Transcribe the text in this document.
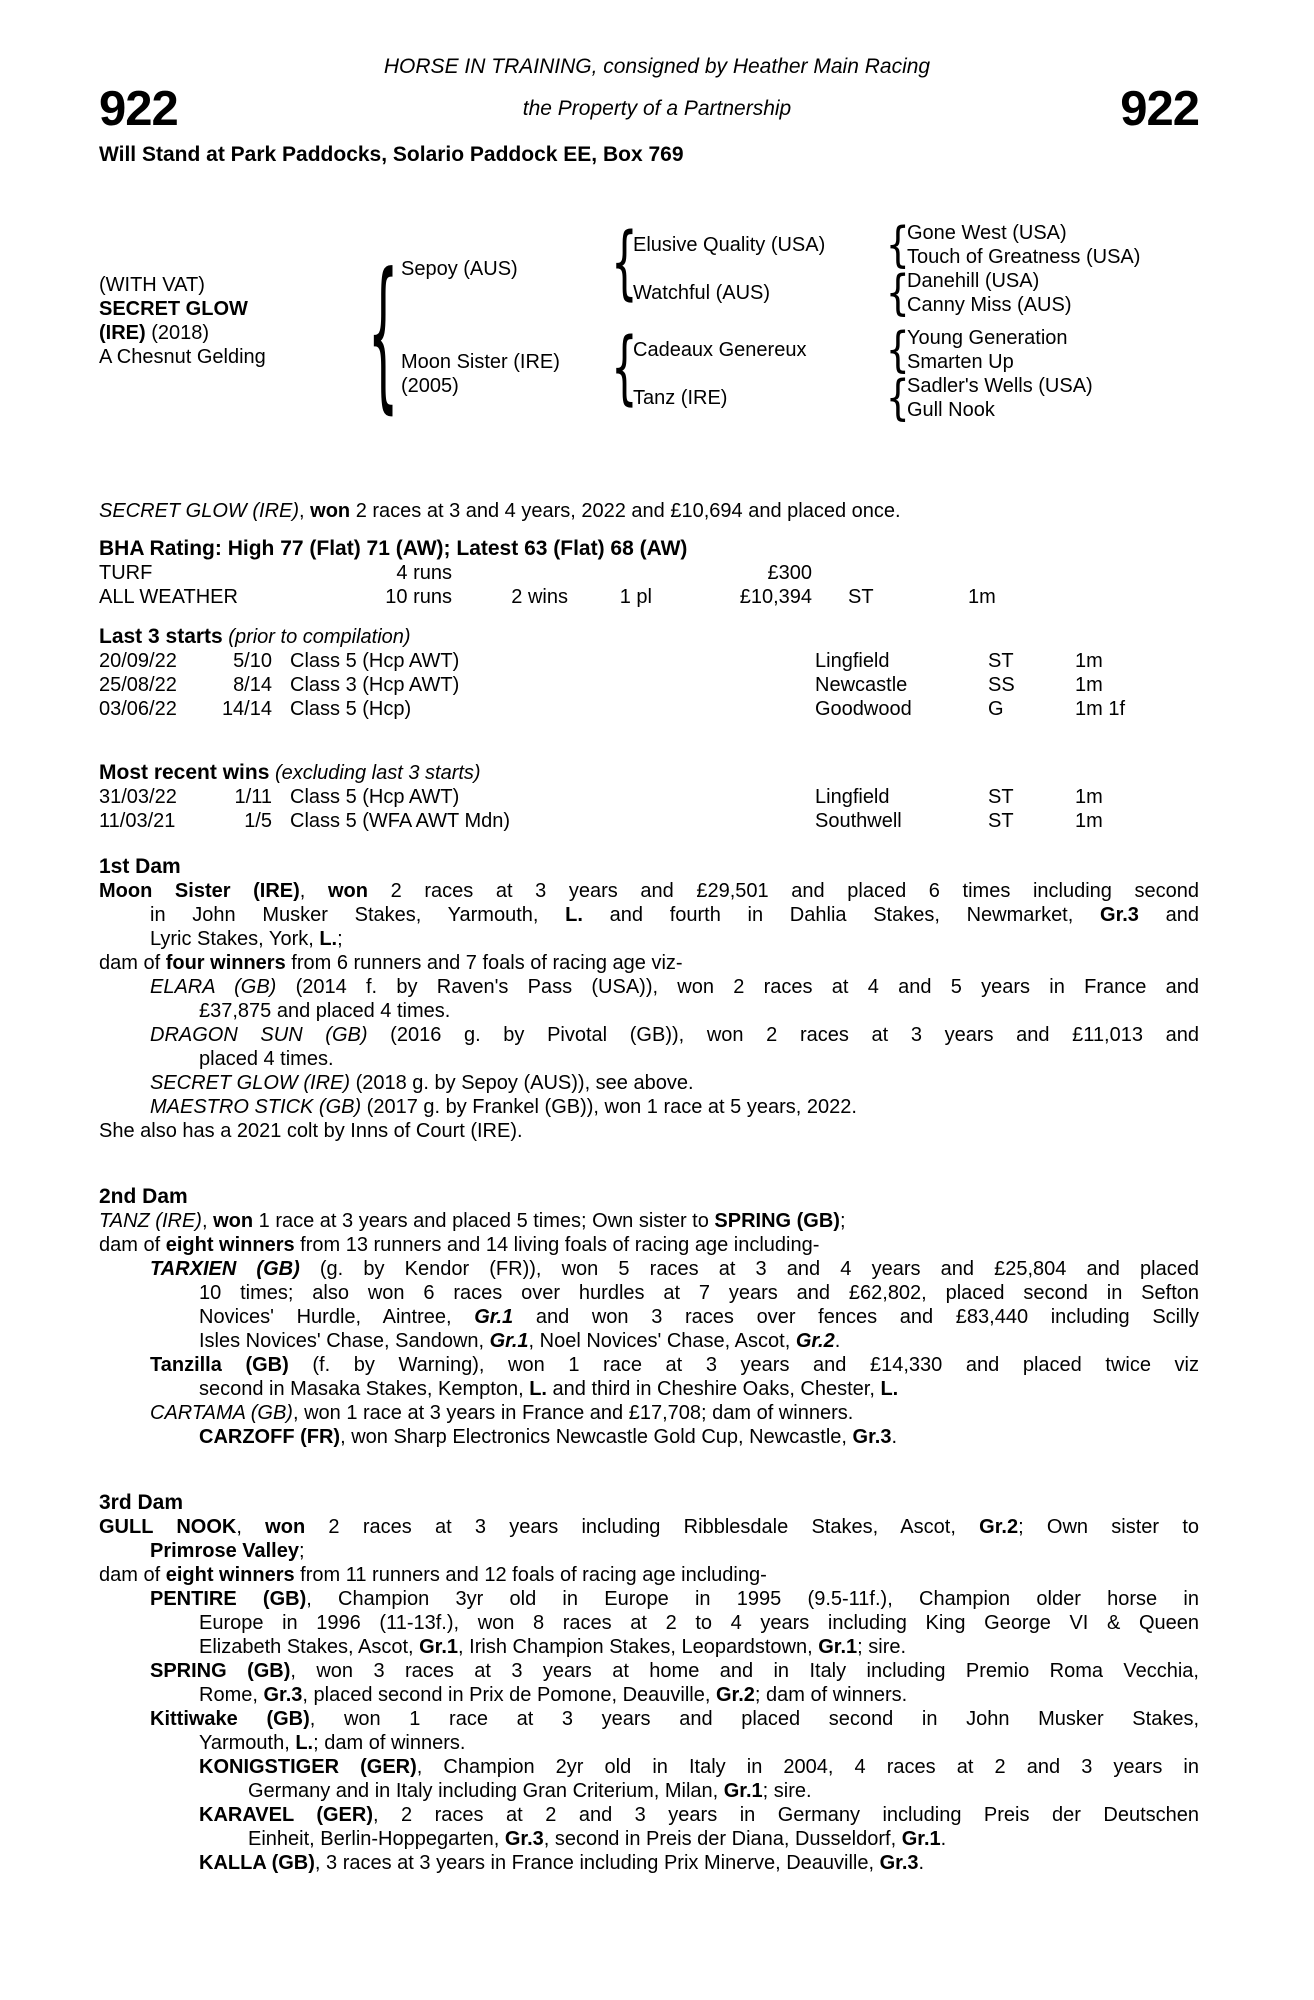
HORSE IN TRAINING, consigned by Heather Main Racing
922	the Property of a Partnership	922
Will Stand at Park Paddocks, Solario Paddock EE, Box 769
(WITH VAT)
SECRET GLOW
(IRE) (2018)
A Chesnut Gelding
{
{
{
{
{
{
{
Sepoy (AUS)
Moon Sister (IRE)
(2005)
Elusive Quality (USA)
Watchful (AUS)
Cadeaux Genereux
Tanz (IRE)
Gone West (USA)
Touch of Greatness (USA)
Danehill (USA)
Canny Miss (AUS)
Young Generation
Smarten Up
Sadler's Wells (USA)
Gull Nook

SECRET GLOW (IRE), won 2 races at 3 and 4 years, 2022 and £10,694 and placed once.

BHA Rating: High 77 (Flat) 71 (AW); Latest 63 (Flat) 68 (AW)
TURF	4 runs			£300		
ALL WEATHER	10 runs	2 wins	1 pl	£10,394	ST	1m
Last 3 starts (prior to compilation)
20/09/22	5/10	Class 5 (Hcp AWT)	Lingfield	ST	1m
25/08/22	8/14	Class 3 (Hcp AWT)	Newcastle	SS	1m
03/06/22	14/14	Class 5 (Hcp)	Goodwood	G	1m 1f
Most recent wins (excluding last 3 starts)
31/03/22	1/11	Class 5 (Hcp AWT)	Lingfield	ST	1m
11/03/21	1/5	Class 5 (WFA AWT Mdn)	Southwell	ST	1m
1st Dam
Moon Sister (IRE), won 2 races at 3 years and £29,501 and placed 6 times including second
in John Musker Stakes, Yarmouth, L. and fourth in Dahlia Stakes, Newmarket, Gr.3 and
Lyric Stakes, York, L.;
dam of four winners from 6 runners and 7 foals of racing age viz-
ELARA (GB) (2014 f. by Raven's Pass (USA)), won 2 races at 4 and 5 years in France and
£37,875 and placed 4 times.
DRAGON SUN (GB) (2016 g. by Pivotal (GB)), won 2 races at 3 years and £11,013 and
placed 4 times.
SECRET GLOW (IRE) (2018 g. by Sepoy (AUS)), see above.
MAESTRO STICK (GB) (2017 g. by Frankel (GB)), won 1 race at 5 years, 2022.
She also has a 2021 colt by Inns of Court (IRE).
2nd Dam
TANZ (IRE), won 1 race at 3 years and placed 5 times; Own sister to SPRING (GB);
dam of eight winners from 13 runners and 14 living foals of racing age including-
TARXIEN (GB) (g. by Kendor (FR)), won 5 races at 3 and 4 years and £25,804 and placed
10 times; also won 6 races over hurdles at 7 years and £62,802, placed second in Sefton
Novices' Hurdle, Aintree, Gr.1 and won 3 races over fences and £83,440 including Scilly
Isles Novices' Chase, Sandown, Gr.1, Noel Novices' Chase, Ascot, Gr.2.
Tanzilla (GB) (f. by Warning), won 1 race at 3 years and £14,330 and placed twice viz
second in Masaka Stakes, Kempton, L. and third in Cheshire Oaks, Chester, L.
CARTAMA (GB), won 1 race at 3 years in France and £17,708; dam of winners.
CARZOFF (FR), won Sharp Electronics Newcastle Gold Cup, Newcastle, Gr.3.
3rd Dam
GULL NOOK, won 2 races at 3 years including Ribblesdale Stakes, Ascot, Gr.2; Own sister to
Primrose Valley;
dam of eight winners from 11 runners and 12 foals of racing age including-
PENTIRE (GB), Champion 3yr old in Europe in 1995 (9.5-11f.), Champion older horse in
Europe in 1996 (11-13f.), won 8 races at 2 to 4 years including King George VI & Queen
Elizabeth Stakes, Ascot, Gr.1, Irish Champion Stakes, Leopardstown, Gr.1; sire.
SPRING (GB), won 3 races at 3 years at home and in Italy including Premio Roma Vecchia,
Rome, Gr.3, placed second in Prix de Pomone, Deauville, Gr.2; dam of winners.
Kittiwake (GB), won 1 race at 3 years and placed second in John Musker Stakes,
Yarmouth, L.; dam of winners.
KONIGSTIGER (GER), Champion 2yr old in Italy in 2004, 4 races at 2 and 3 years in
Germany and in Italy including Gran Criterium, Milan, Gr.1; sire.
KARAVEL (GER), 2 races at 2 and 3 years in Germany including Preis der Deutschen
Einheit, Berlin-Hoppegarten, Gr.3, second in Preis der Diana, Dusseldorf, Gr.1.
KALLA (GB), 3 races at 3 years in France including Prix Minerve, Deauville, Gr.3.
